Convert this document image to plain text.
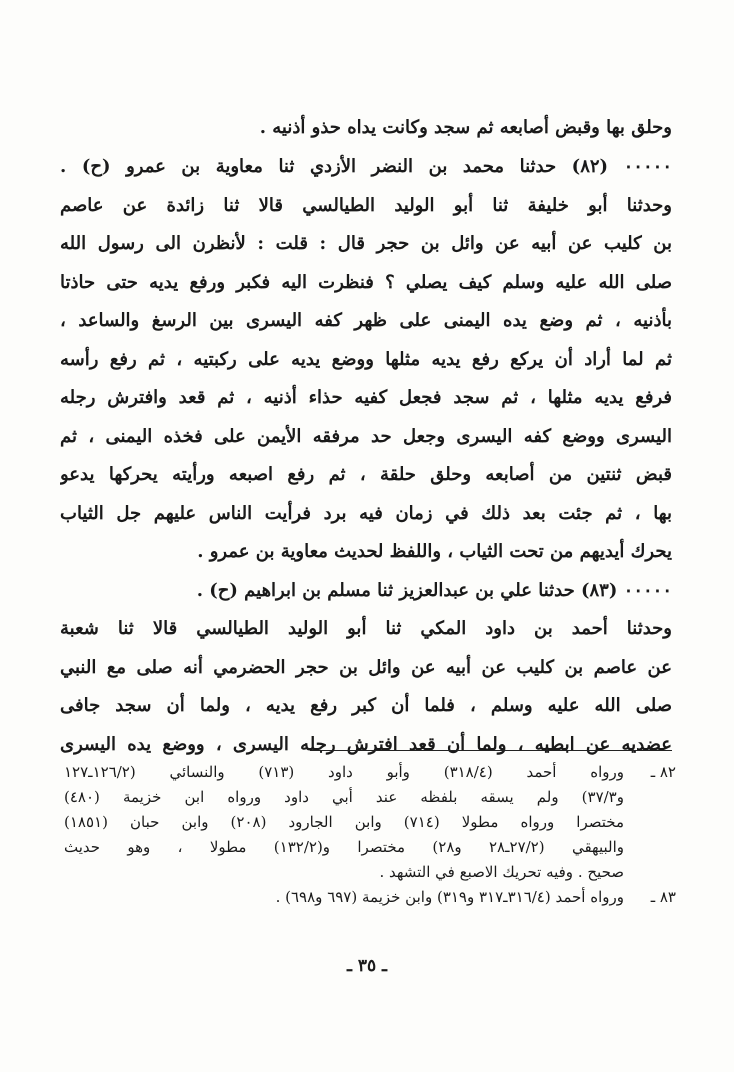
وحلق بها وقبض أصابعه ثم سجد وكانت يداه حذو أذنيه .
٠٠٠٠٠ (٨٢) حدثنا محمد بن النضر الأزدي ثنا معاوية بن عمرو (ح) .
وحدثنا أبو خليفة ثنا أبو الوليد الطيالسي قالا ثنا زائدة عن عاصم
بن كليب عن أبيه عن وائل بن حجر قال : قلت : لأنظرن الى رسول الله
صلى الله عليه وسلم كيف يصلي ؟ فنظرت اليه فكبر ورفع يديه حتى حاذتا
بأذنيه ، ثم وضع يده اليمنى على ظهر كفه اليسرى بين الرسغ والساعد ،
ثم لما أراد أن يركع رفع يديه مثلها ووضع يديه على ركبتيه ، ثم رفع رأسه
فرفع يديه مثلها ، ثم سجد فجعل كفيه حذاء أذنيه ، ثم قعد وافترش رجله
اليسرى ووضع كفه اليسرى وجعل حد مرفقه الأيمن على فخذه اليمنى ، ثم
قبض ثنتين من أصابعه وحلق حلقة ، ثم رفع اصبعه ورأيته يحركها يدعو
بها ، ثم جئت بعد ذلك في زمان فيه برد فرأيت الناس عليهم جل الثياب
يحرك أيديهم من تحت الثياب ، واللفظ لحديث معاوية بن عمرو .
٠٠٠٠٠ (٨٣) حدثنا علي بن عبدالعزيز ثنا مسلم بن ابراهيم (ح) .
وحدثنا أحمد بن داود المكي ثنا أبو الوليد الطيالسي قالا ثنا شعبة
عن عاصم بن كليب عن أبيه عن وائل بن حجر الحضرمي أنه صلى مع النبي
صلى الله عليه وسلم ، فلما أن كبر رفع يديه ، ولما أن سجد جافى
عضديه عن ابطيه ، ولما أن قعد افترش رجله اليسرى ، ووضع يده اليسرى
٨٢ ـ
ورواه أحمد (٣١٨/٤) وأبو داود (٧١٣) والنسائي (١٢٦/٢ـ١٢٧
و٣٧/٣) ولم يسقه بلفظه عند أبي داود ورواه ابن خزيمة (٤٨٠)
مختصرا ورواه مطولا (٧١٤) وابن الجارود (٢٠٨) وابن حبان (١٨٥١)
والبيهقي (٢٧/٢ـ٢٨ و٢٨) مختصرا و(١٣٢/٢) مطولا ، وهو حديث
صحيح . وفيه تحريك الاصبع في التشهد .
٨٣ ـ
ورواه أحمد (٣١٦/٤ـ٣١٧ و٣١٩) وابن خزيمة (٦٩٧ و٦٩٨) .
ـ ٣٥ ـ
